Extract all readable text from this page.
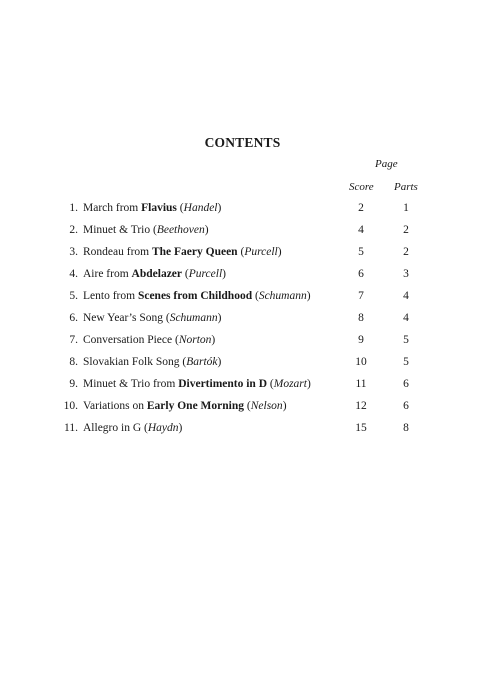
CONTENTS
Page
Score Parts
1. March from Flavius (Handel)	2	1
2. Minuet & Trio (Beethoven)	4	2
3. Rondeau from The Faery Queen (Purcell)	5	2
4. Aire from Abdelazer (Purcell)	6	3
5. Lento from Scenes from Childhood (Schumann)	7	4
6. New Year’s Song (Schumann)	8	4
7. Conversation Piece (Norton)	9	5
8. Slovakian Folk Song (Bartók)	10	5
9. Minuet & Trio from Divertimento in D (Mozart)	11	6
10. Variations on Early One Morning (Nelson)	12	6
11. Allegro in G (Haydn)	15	8
